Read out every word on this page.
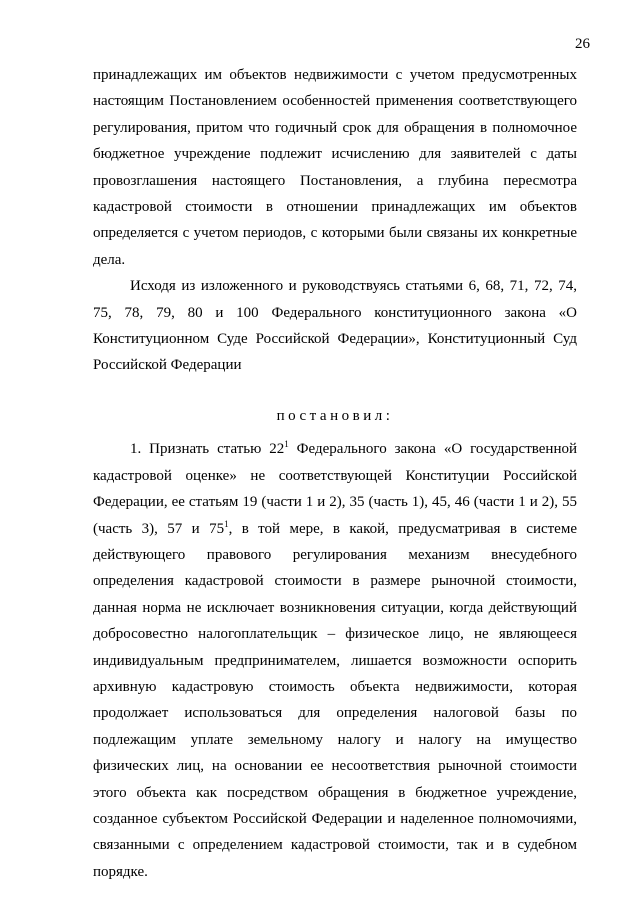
26

принадлежащих им объектов недвижимости с учетом предусмотренных настоящим Постановлением особенностей применения соответствующего регулирования, притом что годичный срок для обращения в полномочное бюджетное учреждение подлежит исчислению для заявителей с даты провозглашения настоящего Постановления, а глубина пересмотра кадастровой стоимости в отношении принадлежащих им объектов определяется с учетом периодов, с которыми были связаны их конкретные дела.

Исходя из изложенного и руководствуясь статьями 6, 68, 71, 72, 74, 75, 78, 79, 80 и 100 Федерального конституционного закона «О Конституционном Суде Российской Федерации», Конституционный Суд Российской Федерации

постановил:

1. Признать статью $22^1$ Федерального закона «О государственной кадастровой оценке» не соответствующей Конституции Российской Федерации, ее статьям 19 (части 1 и 2), 35 (часть 1), 45, 46 (части 1 и 2), 55 (часть 3), 57 и $75^1$, в той мере, в какой, предусматривая в системе действующего правового регулирования механизм внесудебного определения кадастровой стоимости в размере рыночной стоимости, данная норма не исключает возникновения ситуации, когда действующий добросовестно налогоплательщик – физическое лицо, не являющееся индивидуальным предпринимателем, лишается возможности оспорить архивную кадастровую стоимость объекта недвижимости, которая продолжает использоваться для определения налоговой базы по подлежащим уплате земельному налогу и налогу на имущество физических лиц, на основании ее несоответствия рыночной стоимости этого объекта как посредством обращения в бюджетное учреждение, созданное субъектом Российской Федерации и наделенное полномочиями, связанными с определением кадастровой стоимости, так и в судебном порядке.
